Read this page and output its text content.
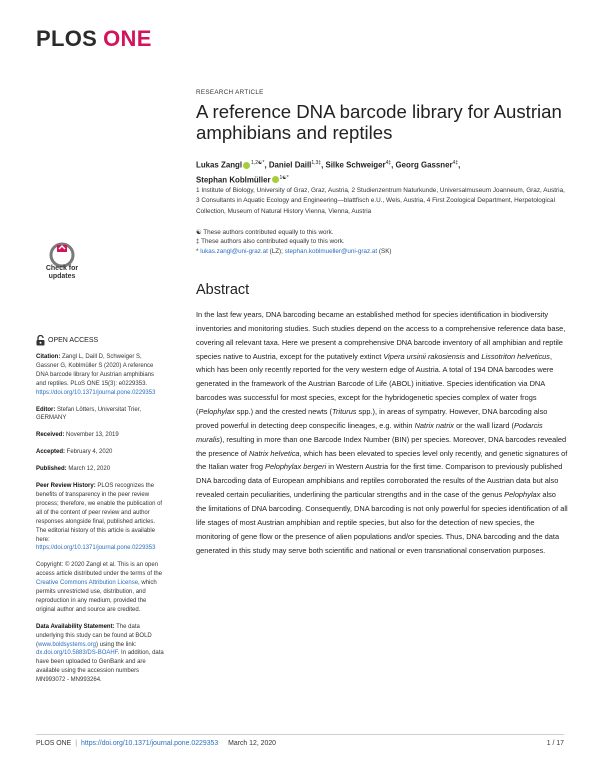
PLOS ONE
RESEARCH ARTICLE
A reference DNA barcode library for Austrian amphibians and reptiles
Lukas Zangl $^{1,2☯*}$, Daniel Daill$^{1,3\ddagger}$, Silke Schweiger$^{4\ddagger}$, Georg Gassner$^{4\ddagger}$,
Stephan Koblmüller $^{1☯*}$
1 Institute of Biology, University of Graz, Graz, Austria, 2 Studienzentrum Naturkunde, Universalmuseum Joanneum, Graz, Austria, 3 Consultants in Aquatic Ecology and Engineering—blattfisch e.U., Wels, Austria, 4 First Zoological Department, Herpetological Collection, Museum of Natural History Vienna, Vienna, Austria
☯ These authors contributed equally to this work.
‡ These authors also contributed equally to this work.
* lukas.zangl@uni-graz.at (LZ); stephan.koblmueller@uni-graz.at (SK)
Abstract
In the last few years, DNA barcoding became an established method for species identification in biodiversity inventories and monitoring studies. Such studies depend on the access to a comprehensive reference data base, covering all relevant taxa. Here we present a comprehensive DNA barcode inventory of all amphibian and reptile species native to Austria, except for the putatively extinct Vipera ursinii rakosiensis and Lissotriton helveticus, which has been only recently reported for the very western edge of Austria. A total of 194 DNA barcodes were generated in the framework of the Austrian Barcode of Life (ABOL) initiative. Species identification via DNA barcodes was successful for most species, except for the hybridogenetic species complex of water frogs (Pelophylax spp.) and the crested newts (Triturus spp.), in areas of sympatry. However, DNA barcoding also proved powerful in detecting deep conspecific lineages, e.g. within Natrix natrix or the wall lizard (Podarcis muralis), resulting in more than one Barcode Index Number (BIN) per species. Moreover, DNA barcodes revealed the presence of Natrix helvetica, which has been elevated to species level only recently, and genetic signatures of the Italian water frog Pelophylax bergeri in Western Austria for the first time. Comparison to previously published DNA barcoding data of European amphibians and reptiles corroborated the results of the Austrian data but also revealed certain peculiarities, underlining the particular strengths and in the case of the genus Pelophylax also the limitations of DNA barcoding. Consequently, DNA barcoding is not only powerful for species identification of all life stages of most Austrian amphibian and reptile species, but also for the detection of new species, the monitoring of gene flow or the presence of alien populations and/or species. Thus, DNA barcoding and the data generated in this study may serve both scientific and national or even transnational conservation purposes.
Check for
updates
OPEN ACCESS

Citation: Zangl L, Daill D, Schweiger S, Gassner G, Koblmüller S (2020) A reference DNA barcode library for Austrian amphibians and reptiles. PLoS ONE 15(3): e0229353. https://doi.org/10.1371/journal.pone.0229353

Editor: Stefan Lötters, Universitat Trier, GERMANY

Received: November 13, 2019

Accepted: February 4, 2020

Published: March 12, 2020

Peer Review History: PLOS recognizes the benefits of transparency in the peer review process; therefore, we enable the publication of all of the content of peer review and author responses alongside final, published articles. The editorial history of this article is available here: https://doi.org/10.1371/journal.pone.0229353

Copyright: © 2020 Zangl et al. This is an open access article distributed under the terms of the Creative Commons Attribution License, which permits unrestricted use, distribution, and reproduction in any medium, provided the original author and source are credited.

Data Availability Statement: The data underlying this study can be found at BOLD (www.boldsystems.org) using the link: dx.doi.org/10.5883/DS-BOAHF. In addition, data have been uploaded to GenBank and are available using the accession numbers MN993072 - MN993264.

PLOS ONE | https://doi.org/10.1371/journal.pone.0229353
March 12, 2020	1 / 17
